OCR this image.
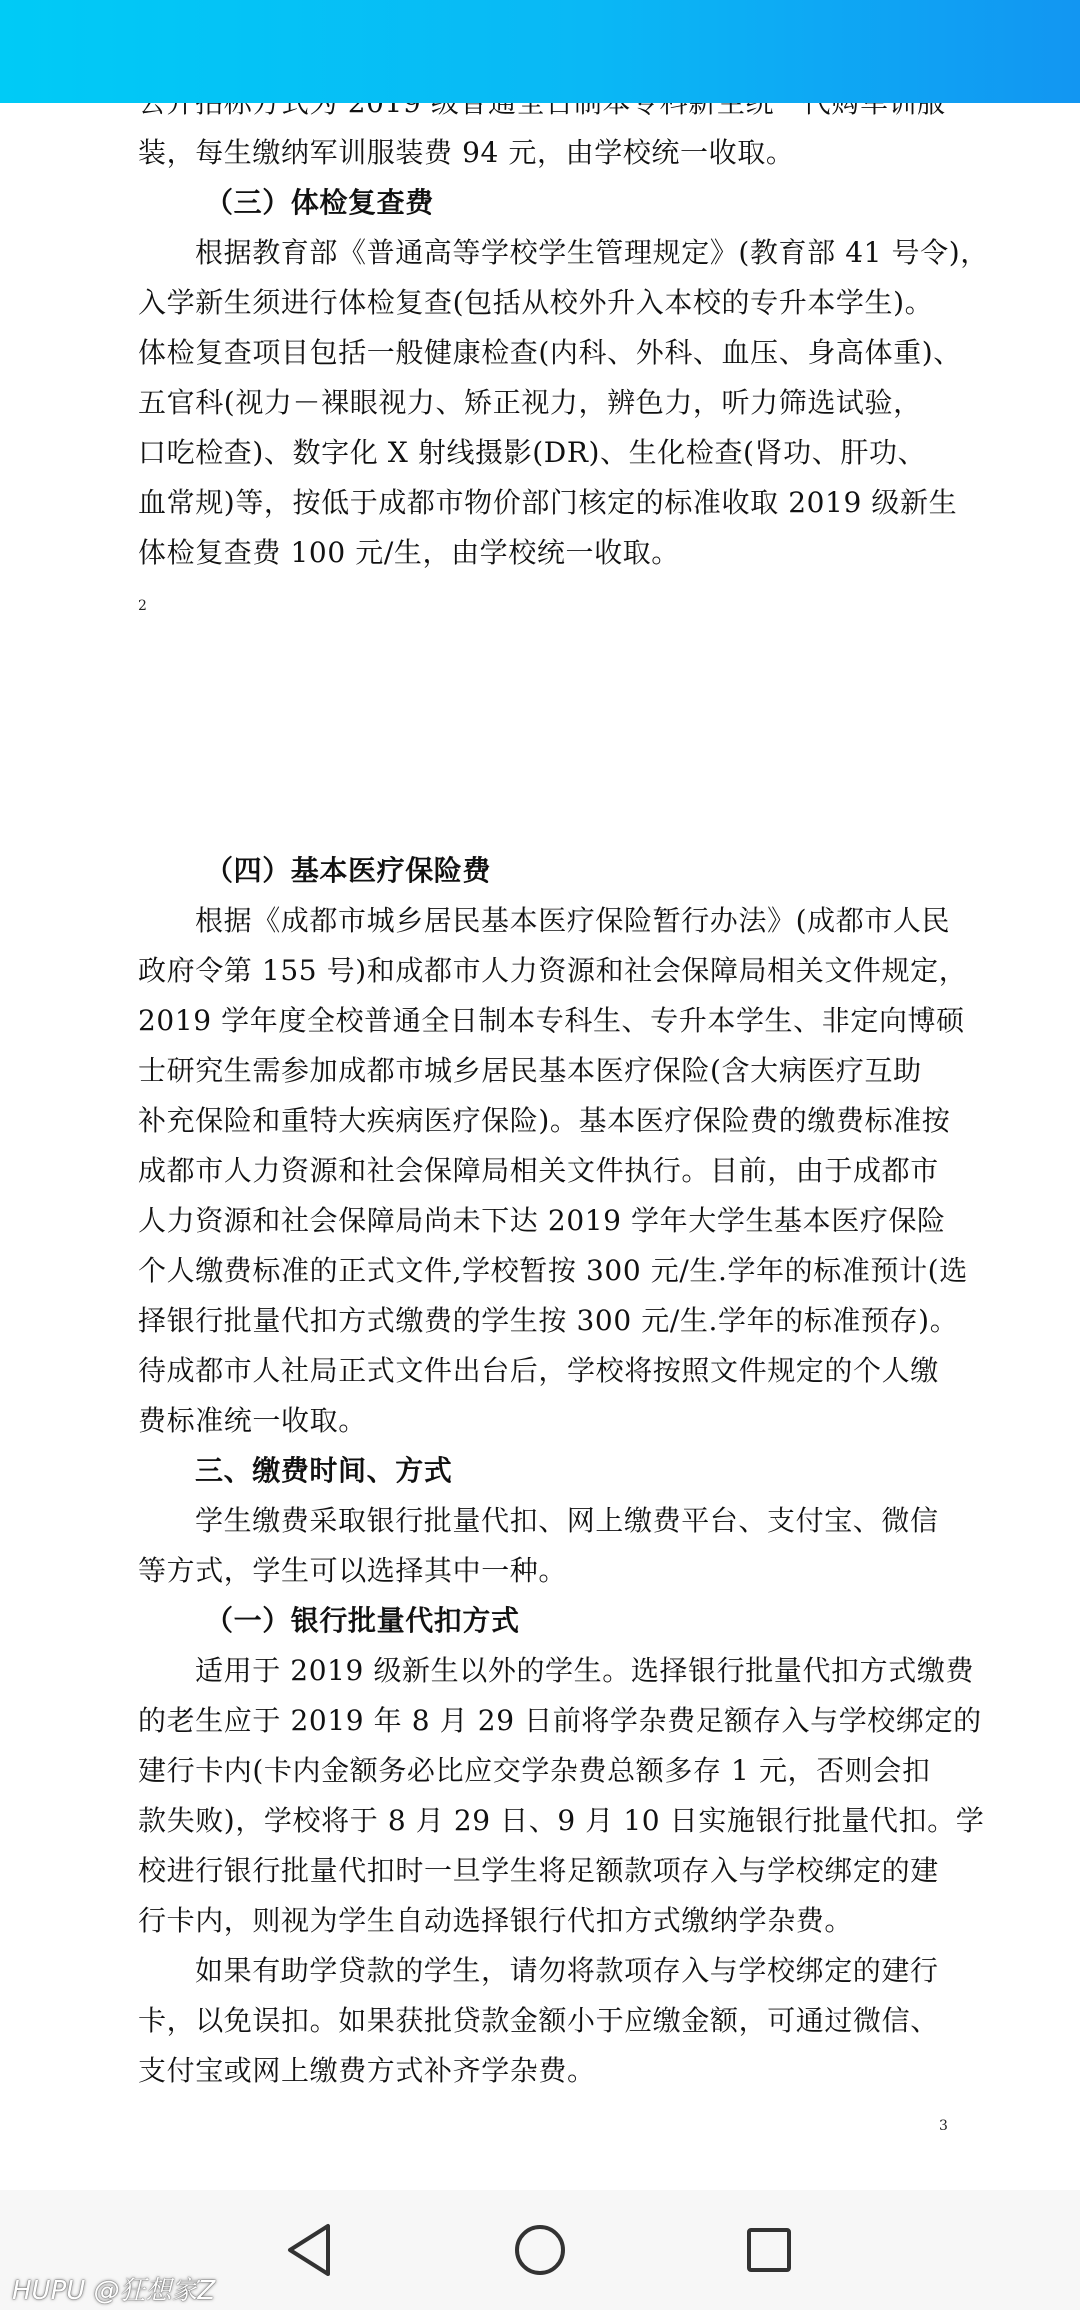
装，每生缴纳军训服装费 94 元，由学校统一收取。

（三）体检复查费

根据教育部《普通高等学校学生管理规定》(教育部 41 号令)，

入学新生须进行体检复查(包括从校外升入本校的专升本学生)。

体检复查项目包括一般健康检查(内科、外科、血压、身高体重)、

五官科(视力－裸眼视力、矫正视力，辨色力，听力筛选试验，

口吃检查)、数字化 X 射线摄影(DR)、生化检查(肾功、肝功、

血常规)等，按低于成都市物价部门核定的标准收取 2019 级新生

体检复查费 100 元/生，由学校统一收取。

2

（四）基本医疗保险费

根据《成都市城乡居民基本医疗保险暂行办法》(成都市人民

政府令第 155 号)和成都市人力资源和社会保障局相关文件规定，

2019 学年度全校普通全日制本专科生、专升本学生、非定向博硕

士研究生需参加成都市城乡居民基本医疗保险(含大病医疗互助

补充保险和重特大疾病医疗保险)。基本医疗保险费的缴费标准按

成都市人力资源和社会保障局相关文件执行。目前，由于成都市

人力资源和社会保障局尚未下达 2019 学年大学生基本医疗保险

个人缴费标准的正式文件,学校暂按 300 元/生.学年的标准预计(选

择银行批量代扣方式缴费的学生按 300 元/生.学年的标准预存)。

待成都市人社局正式文件出台后，学校将按照文件规定的个人缴

费标准统一收取。

三、缴费时间、方式

学生缴费采取银行批量代扣、网上缴费平台、支付宝、微信

等方式，学生可以选择其中一种。

（一）银行批量代扣方式

适用于 2019 级新生以外的学生。选择银行批量代扣方式缴费

的老生应于 2019 年 8 月 29 日前将学杂费足额存入与学校绑定的

建行卡内(卡内金额务必比应交学杂费总额多存 1 元，否则会扣

款失败)，学校将于 8 月 29 日、9 月 10 日实施银行批量代扣。学

校进行银行批量代扣时一旦学生将足额款项存入与学校绑定的建

行卡内，则视为学生自动选择银行代扣方式缴纳学杂费。

如果有助学贷款的学生，请勿将款项存入与学校绑定的建行

卡，以免误扣。如果获批贷款金额小于应缴金额，可通过微信、

支付宝或网上缴费方式补齐学杂费。

3
HUPU @狂想家Z
